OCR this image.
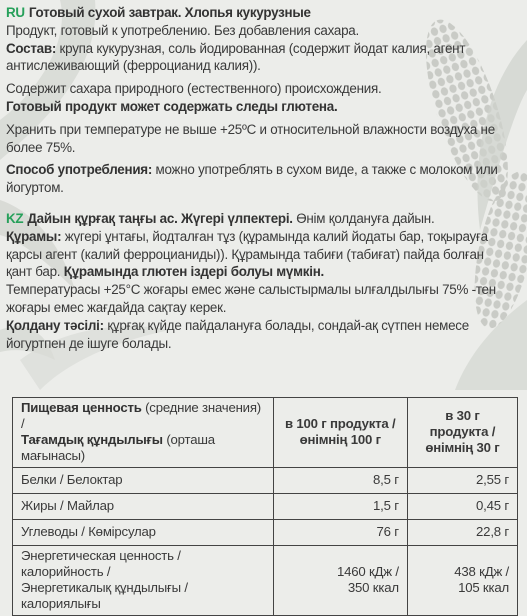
RU Готовый сухой завтрак. Хлопья кукурузные
Продукт, готовый к употреблению. Без добавления сахара.
Состав: крупа кукурузная, соль йодированная (содержит йодат калия, агент
антислеживающий (ферроцианид калия)).
Содержит сахара природного (естественного) происхождения.
Готовый продукт может содержать следы глютена.
Хранить при температуре не выше +25ºС и относительной влажности воздуха не
более 75%.
Способ употребления: можно употреблять в сухом виде, а также с молоком или
йогуртом.
KZ Дайын құрғақ таңғы ас. Жүгері үлпектері. Өнім қолдануға дайын.
Құрамы: жүгері ұнтағы, йодталған тұз (құрамында калий йодаты бар, тоқырауға
қарсы агент (калий ферроцианиды)). Құрамында табиғи (табиғат) пайда болған
қант бар. Құрамында глютен іздері болуы мүмкін.
Температурасы +25°С жоғары емес және салыстырмалы ылғалдылығы 75% -тен
жоғары емес жағдайда сақтау керек.
Қолдану тәсілі: құрғақ күйде пайдалануға болады, сондай-ақ сүтпен немесе
йогуртпен де ішуге болады.
Пищевая ценность (средние значения) /
Тағамдық құндылығы (орташа мағынасы)	в 100 г продукта /
өнімнің 100 г	в 30 г продукта /
өнімнің 30 г
Белки / Белоктар	8,5 г	2,55 г
Жиры / Майлар	1,5 г	0,45 г
Углеводы / Көмірсулар	76 г	22,8 г
Энергетическая ценность / калорийность /
Энергетикалық құндылығы / калориялығы	1460 кДж /
350 ккал	438 кДж /
105 ккал
